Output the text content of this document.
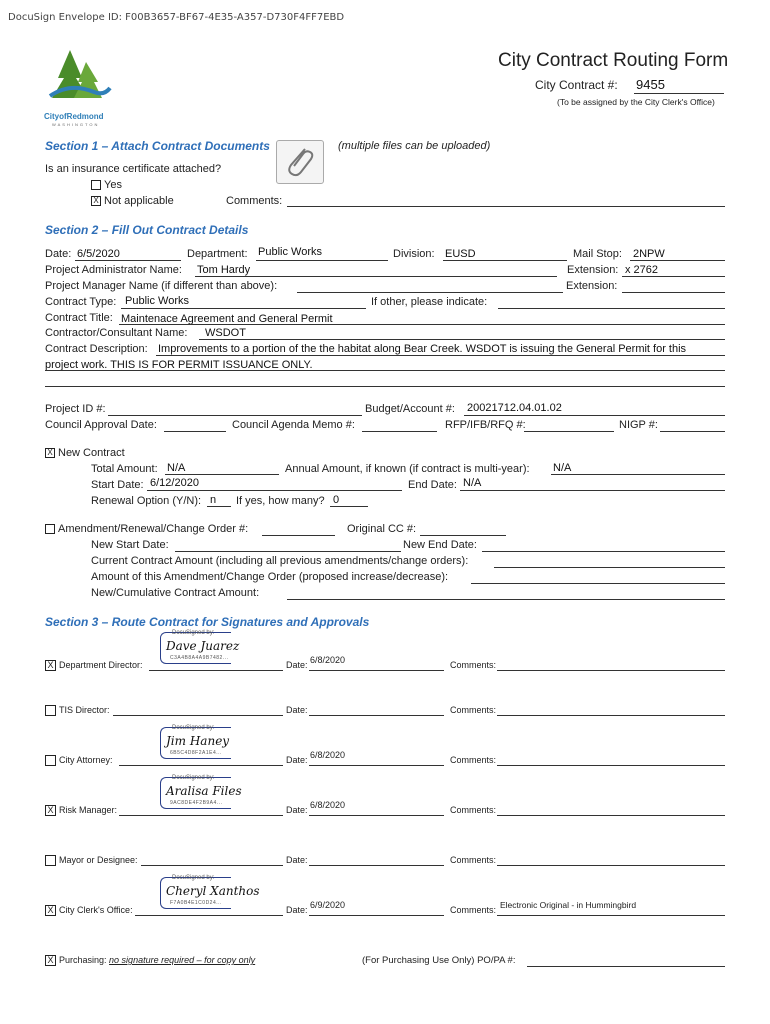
DocuSign Envelope ID: F00B3657-BF67-4E35-A357-D730F4FF7EBD
CityofRedmond
WASHINGTON
City Contract Routing Form
City Contract #: 9455
(To be assigned by the City Clerk's Office)
Section 1 – Attach Contract Documents	(multiple files can be uploaded)
Is an insurance certificate attached?
Yes
X Not applicable	Comments:
Section 2 – Fill Out Contract Details
Date: 6/5/2020	Department: Public Works	Division: EUSD	Mail Stop: 2NPW
Project Administrator Name: Tom Hardy	Extension: x 2762
Project Manager Name (if different than above):	Extension:
Contract Type: Public Works	If other, please indicate:
Contract Title: Maintenace Agreement and General Permit
Contractor/Consultant Name: WSDOT
Contract Description: Improvements to a portion of the the habitat along Bear Creek. WSDOT is issuing the General Permit for this
project work. THIS IS FOR PERMIT ISSUANCE ONLY.
Project ID #:	Budget/Account #: 20021712.04.01.02
Council Approval Date:	Council Agenda Memo #:	RFP/IFB/RFQ #:	NIGP #:
X New Contract
Total Amount: N/A	Annual Amount, if known (if contract is multi-year): N/A
Start Date: 6/12/2020	End Date: N/A
Renewal Option (Y/N): n If yes, how many? 0
Amendment/Renewal/Change Order #:	Original CC #:
New Start Date:	New End Date:
Current Contract Amount (including all previous amendments/change orders):
Amount of this Amendment/Change Order (proposed increase/decrease):
New/Cumulative Contract Amount:
Section 3 – Route Contract for Signatures and Approvals
X Department Director:
DocuSigned by:
Dave Juarez
C3A4B8A4A9B7482...
Date: 6/8/2020	Comments:
TIS Director:	Date:	Comments:
City Attorney:
DocuSigned by:
Jim Haney
6B5C4D8F2A1E4...
Date: 6/8/2020	Comments:
X Risk Manager:
DocuSigned by:
Aralisa Files
9AC8DE4F2B9A4...
Date: 6/8/2020	Comments:
Mayor or Designee:	Date:	Comments:
X City Clerk's Office:
DocuSigned by:
Cheryl Xanthos
F7A0B4E1C0D24...
Date: 6/9/2020	Comments: Electronic Original - in Hummingbird
X Purchasing: no signature required – for copy only	(For Purchasing Use Only) PO/PA #:
